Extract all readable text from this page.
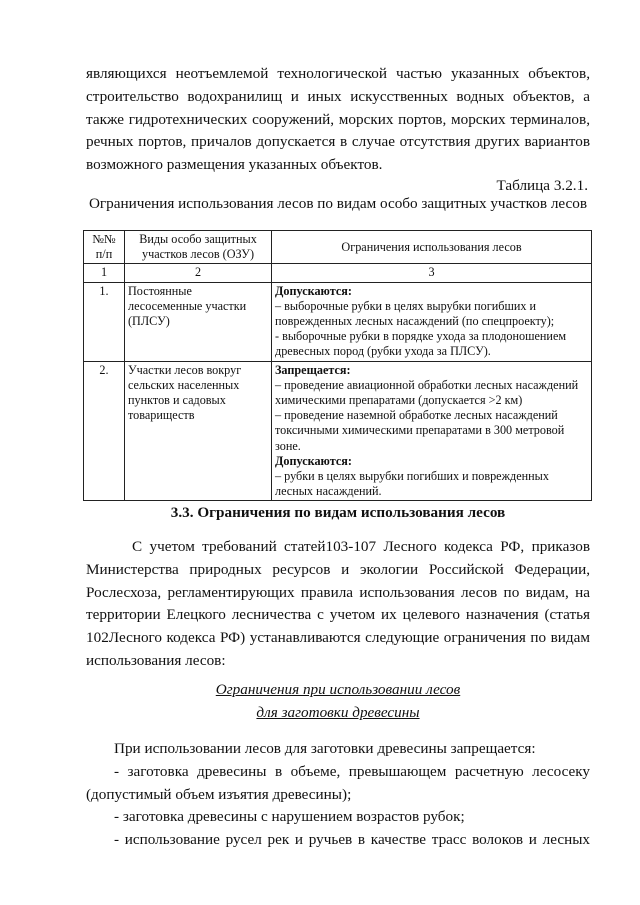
являющихся неотъемлемой технологической частью указанных объектов,
строительство водохранилищ и иных искусственных водных объектов, а
также гидротехнических сооружений, морских портов, морских терминалов,
речных портов, причалов допускается в случае отсутствия других вариантов
возможного размещения указанных объектов.
Таблица 3.2.1.
Ограничения использования лесов по видам особо защитных участков лесов
№№ п/п	Виды особо защитных участков лесов (ОЗУ)	Ограничения использования лесов
1	2	3
1.	Постоянные лесосеменные участки (ПЛСУ)	Допускаются:
– выборочные рубки в целях вырубки погибших и поврежденных лесных насаждений (по спецпроекту);
- выборочные рубки в порядке ухода за плодоношением древесных пород (рубки ухода за ПЛСУ).

2.	Участки лесов вокруг сельских населенных пунктов и садовых товариществ	Запрещается:
– проведение авиационной обработки лесных насаждений химическими препаратами (допускается >2 км)
– проведение наземной обработке лесных насаждений токсичными химическими препаратами в 300 метровой зоне.
Допускаются:
– рубки в целях вырубки погибших и поврежденных лесных насаждений.
3.3. Ограничения по видам использования лесов
С учетом требований статей103-107 Лесного кодекса РФ, приказов
Министерства природных ресурсов и экологии Российской Федерации,
Рослесхоза, регламентирующих правила использования лесов по видам, на
территории Елецкого лесничества с учетом их целевого назначения (статья
102Лесного кодекса РФ) устанавливаются следующие ограничения по видам
использования лесов:
Ограничения при использовании лесов
для заготовки древесины
При использовании лесов для заготовки древесины запрещается:
- заготовка древесины в объеме, превышающем расчетную лесосеку
(допустимый объем изъятия древесины);
- заготовка древесины с нарушением возрастов рубок;
- использование русел рек и ручьев в качестве трасс волоков и лесных
